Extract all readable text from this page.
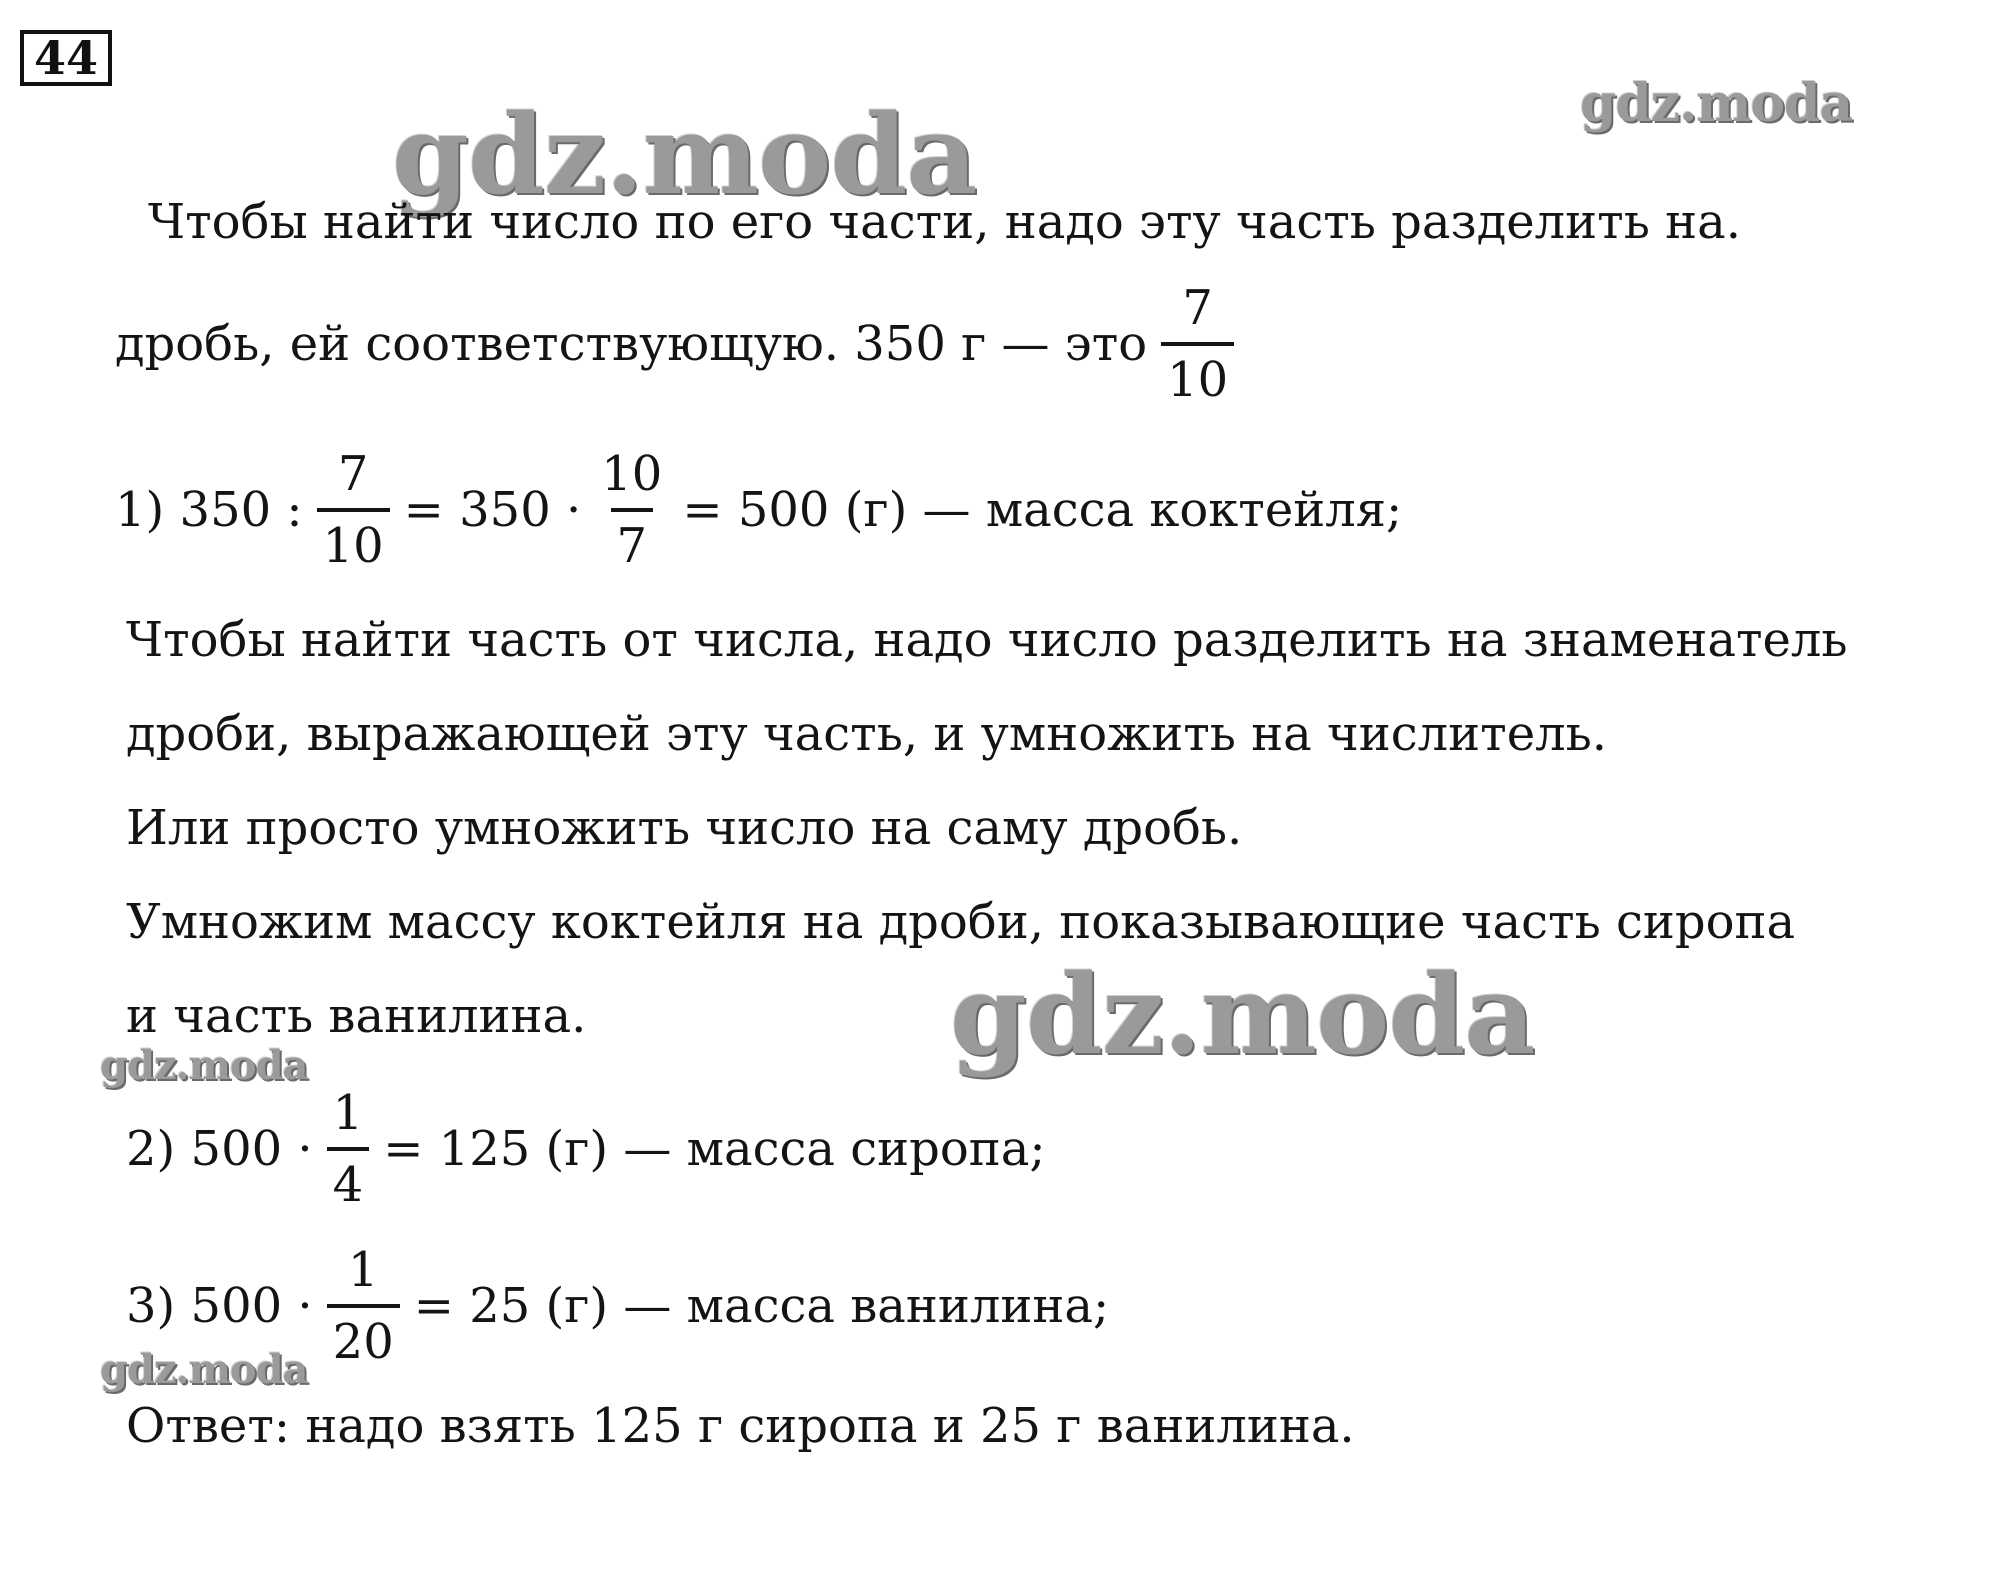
44
gdz.moda	gdz.moda
gdz.moda
gdz.moda
gdz.moda
Чтобы найти число по его части, надо эту часть разделить на.
дробь, ей соответствующую. 350 г — это $\frac{7}{10}$
1) 350 : $\frac{7}{10} = 350 \cdot \frac{10}{7} = 500$ (г) — масса коктейля;
Чтобы найти часть от числа, надо число разделить на знаменатель
дроби, выражающей эту часть, и умножить на числитель.
Или просто умножить число на саму дробь.
Умножим массу коктейля на дроби, показывающие часть сиропа
и часть ванилина.
2) $500 \cdot \frac{1}{4} = 125$ (г) — масса сиропа;
3) $500 \cdot \frac{1}{20} = 25$ (г) — масса ванилина;
Ответ: надо взять 125 г сиропа и 25 г ванилина.
